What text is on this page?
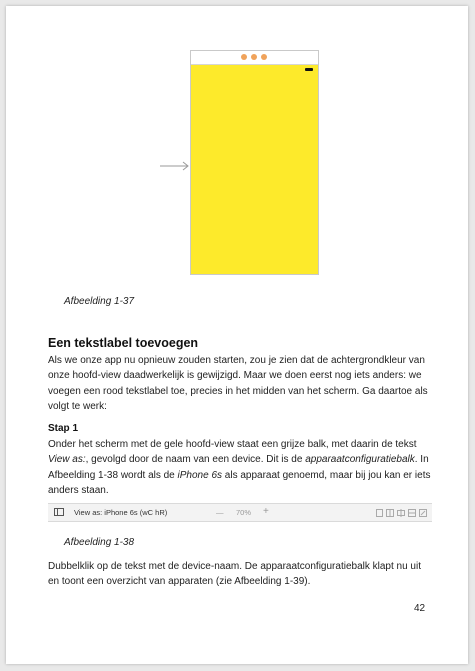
Afbeelding 1-37
Een tekstlabel toevoegen

Als we onze app nu opnieuw zouden starten, zou je zien dat de achtergrondkleur van
onze hoofd-view daadwerkelijk is gewijzigd. Maar we doen eerst nog iets anders: we
voegen een rood tekstlabel toe, precies in het midden van het scherm. Ga daartoe als
volgt te werk:

Stap 1

Onder het scherm met de gele hoofd-view staat een grijze balk, met daarin de tekst
View as:, gevolgd door de naam van een device. Dit is de apparaatconfiguratiebalk. In
Afbeelding 1-38 wordt als de iPhone 6s als apparaat genoemd, maar bij jou kan er iets
anders staan.

View as: iPhone 6s (wC hR)	— 70% +
Afbeelding 1-38

Dubbelklik op de tekst met de device-naam. De apparaatconfiguratiebalk klapt nu uit
en toont een overzicht van apparaten (zie Afbeelding 1-39).

42
